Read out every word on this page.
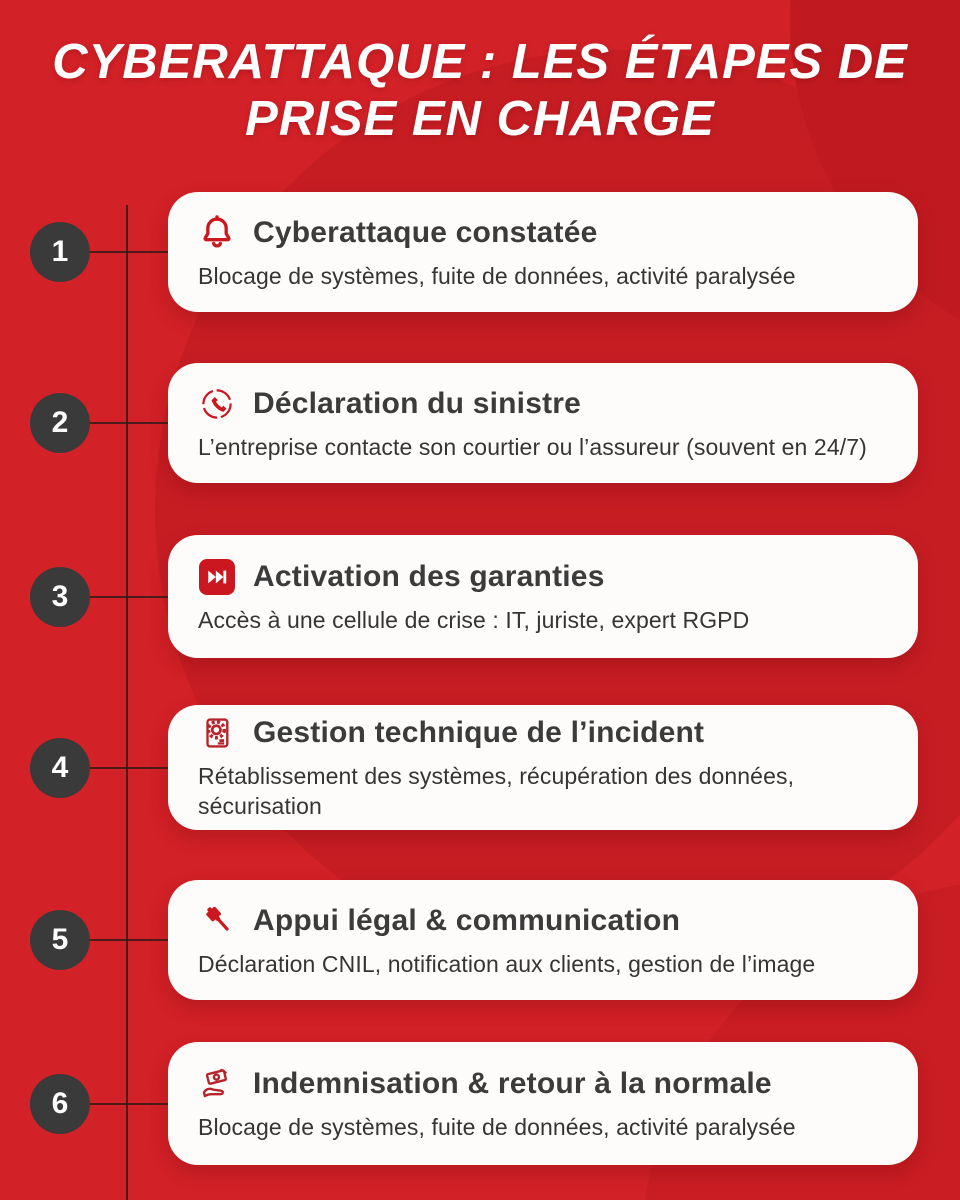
CYBERATTAQUE : LES ÉTAPES DE
PRISE EN CHARGE
1
Cyberattaque constatée
Blocage de systèmes, fuite de données, activité paralysée
2
Déclaration du sinistre
L’entreprise contacte son courtier ou l’assureur (souvent en 24/7)
3
Activation des garanties
Accès à une cellule de crise : IT, juriste, expert RGPD
4
Gestion technique de l’incident
Rétablissement des systèmes, récupération des données, sécurisation
5
Appui légal & communication
Déclaration CNIL, notification aux clients, gestion de l’image
6
Indemnisation & retour à la normale
Blocage de systèmes, fuite de données, activité paralysée
